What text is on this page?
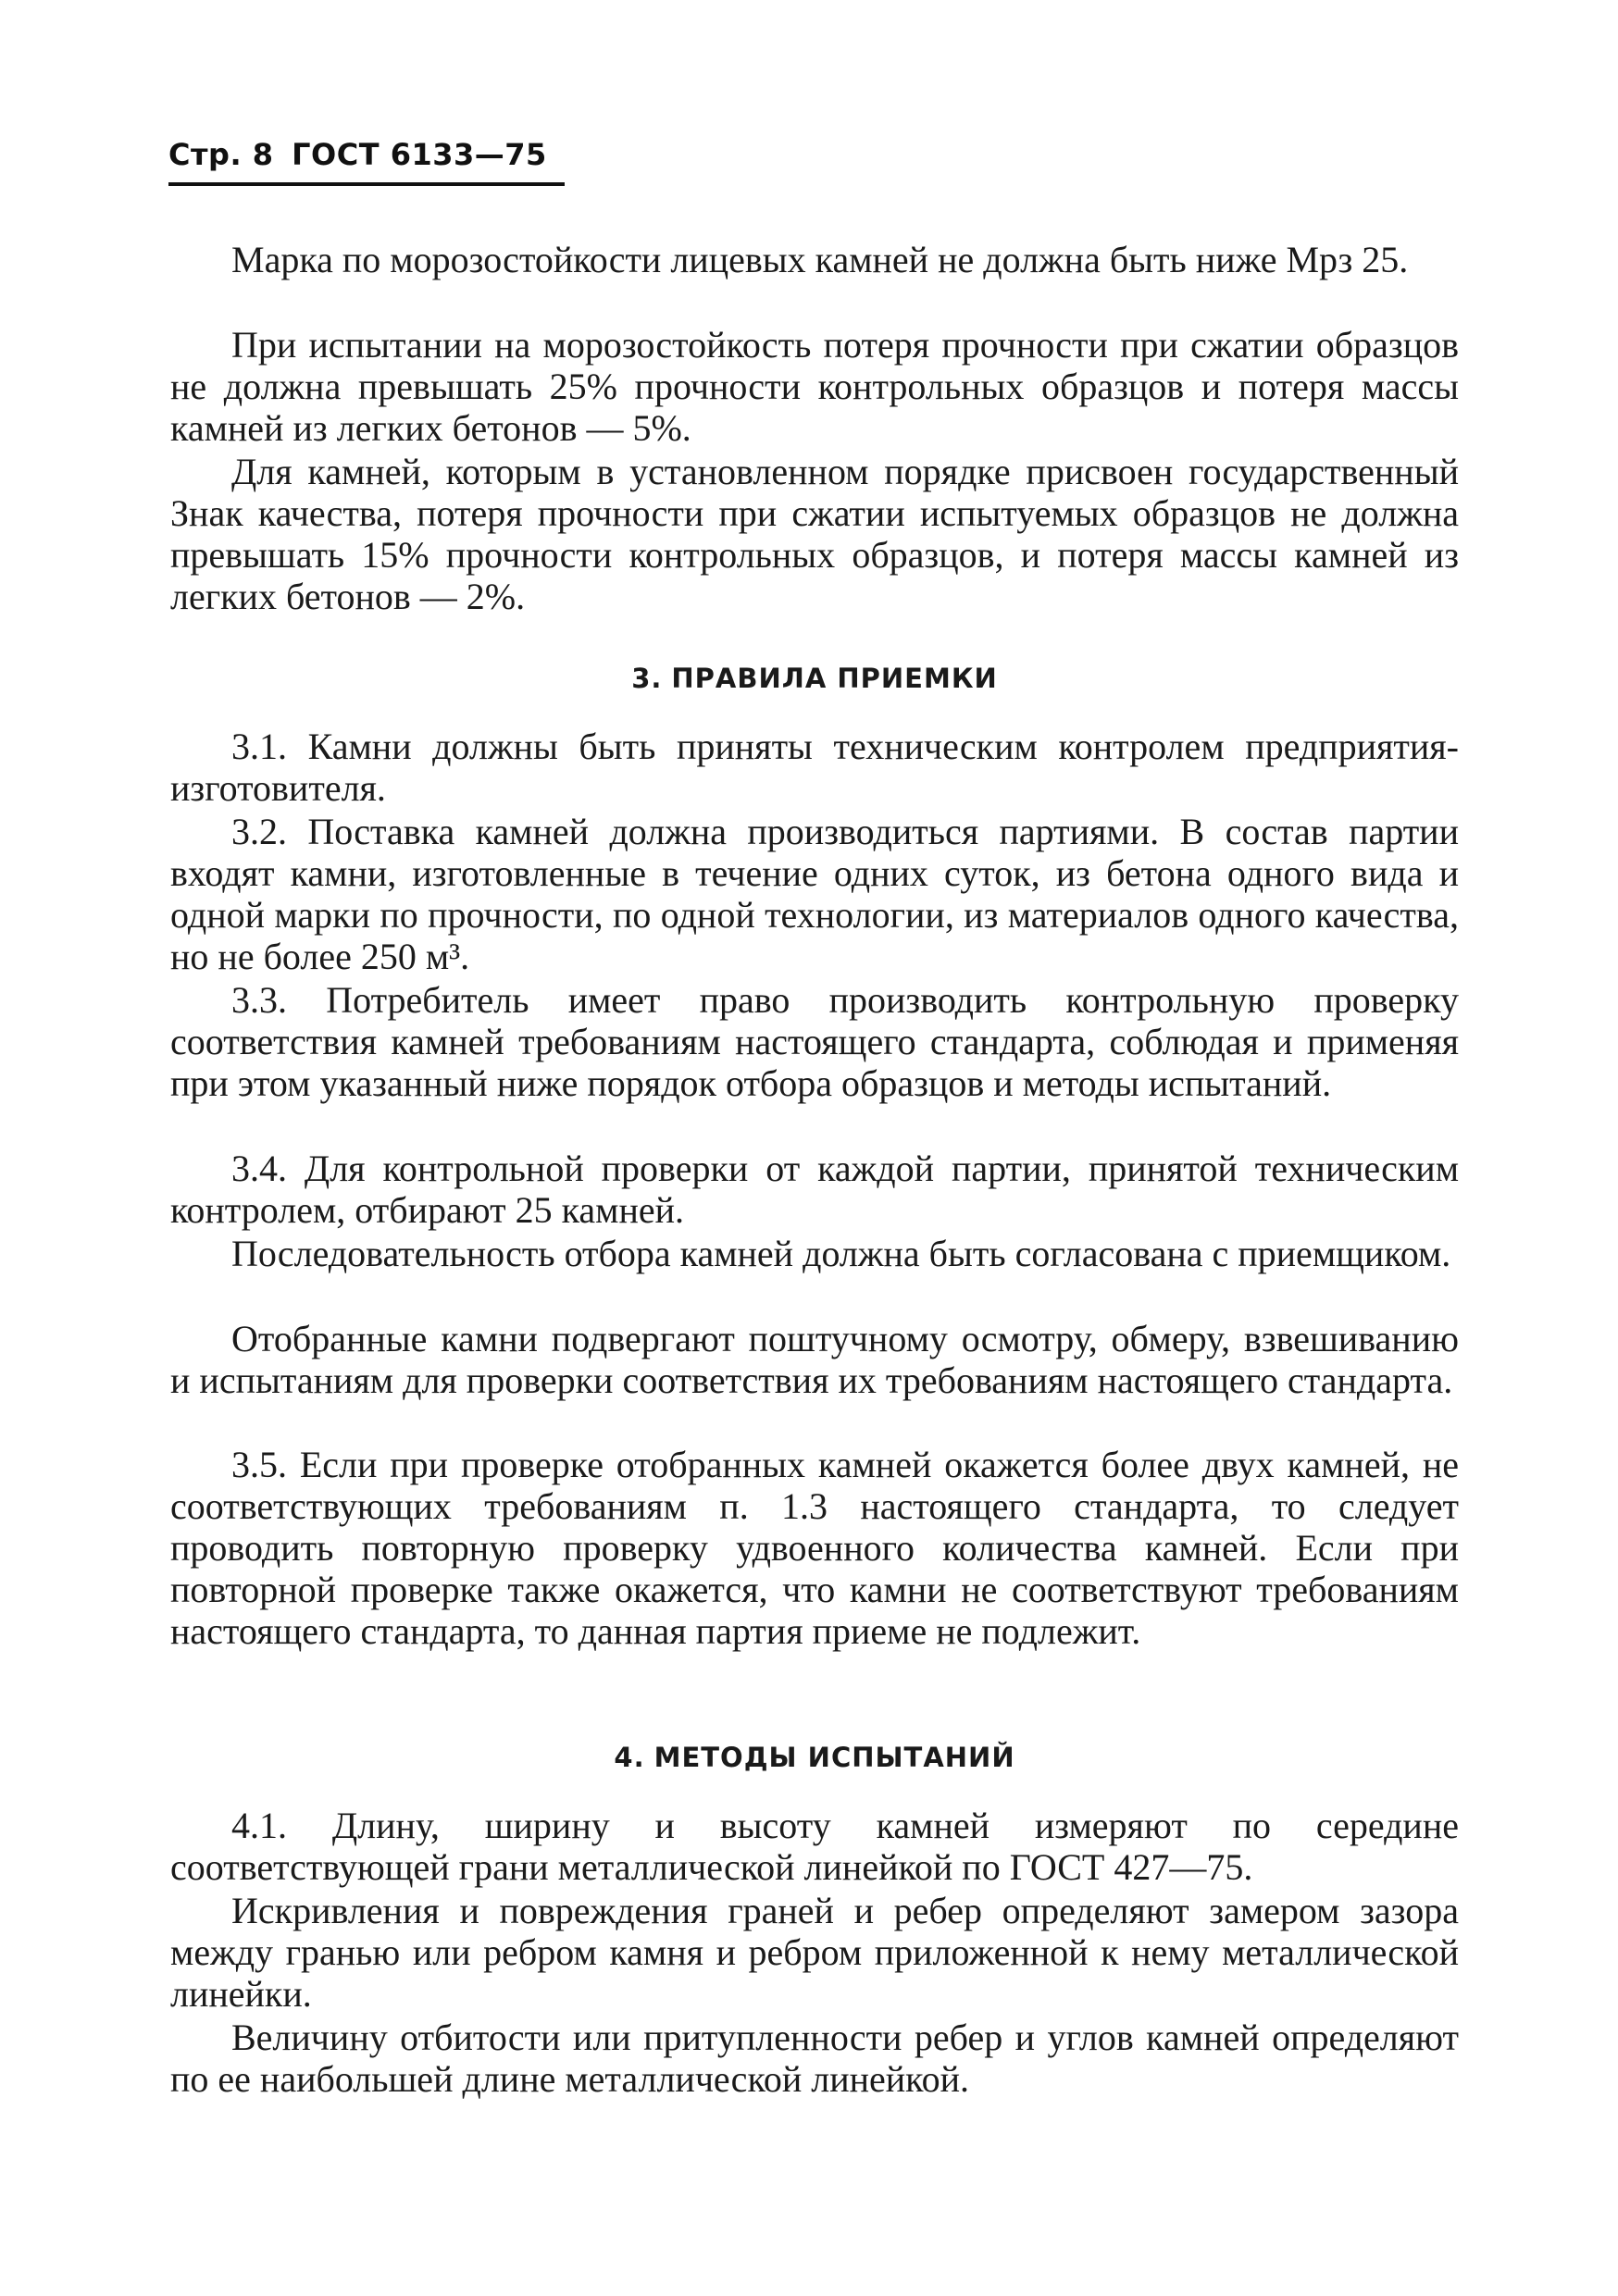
Стр. 8 ГОСТ 6133—75

Марка по морозостойкости лицевых камней не должна быть ниже Мрз 25.

При испытании на морозостойкость потеря прочности при сжатии образцов не должна превышать 25% прочности контрольных образцов и потеря массы камней из легких бетонов — 5%.

Для камней, которым в установленном порядке присвоен государственный Знак качества, потеря прочности при сжатии испытуемых образцов не должна превышать 15% прочности контрольных образцов, и потеря массы камней из легких бетонов — 2%.

3. ПРАВИЛА ПРИЕМКИ

3.1. Камни должны быть приняты техническим контролем предприятия-изготовителя.

3.2. Поставка камней должна производиться партиями. В состав партии входят камни, изготовленные в течение одних суток, из бетона одного вида и одной марки по прочности, по одной технологии, из материалов одного качества, но не более 250 м³.

3.3. Потребитель имеет право производить контрольную проверку соответствия камней требованиям настоящего стандарта, соблюдая и применяя при этом указанный ниже порядок отбора образцов и методы испытаний.

3.4. Для контрольной проверки от каждой партии, принятой техническим контролем, отбирают 25 камней.

Последовательность отбора камней должна быть согласована с приемщиком.

Отобранные камни подвергают поштучному осмотру, обмеру, взвешиванию и испытаниям для проверки соответствия их требованиям настоящего стандарта.

3.5. Если при проверке отобранных камней окажется более двух камней, не соответствующих требованиям п. 1.3 настоящего стандарта, то следует проводить повторную проверку удвоенного количества камней. Если при повторной проверке также окажется, что камни не соответствуют требованиям настоящего стандарта, то данная партия приеме не подлежит.

4. МЕТОДЫ ИСПЫТАНИЙ

4.1. Длину, ширину и высоту камней измеряют по середине соответствующей грани металлической линейкой по ГОСТ 427—75.

Искривления и повреждения граней и ребер определяют замером зазора между гранью или ребром камня и ребром приложенной к нему металлической линейки.

Величину отбитости или притупленности ребер и углов камней определяют по ее наибольшей длине металлической линейкой.
